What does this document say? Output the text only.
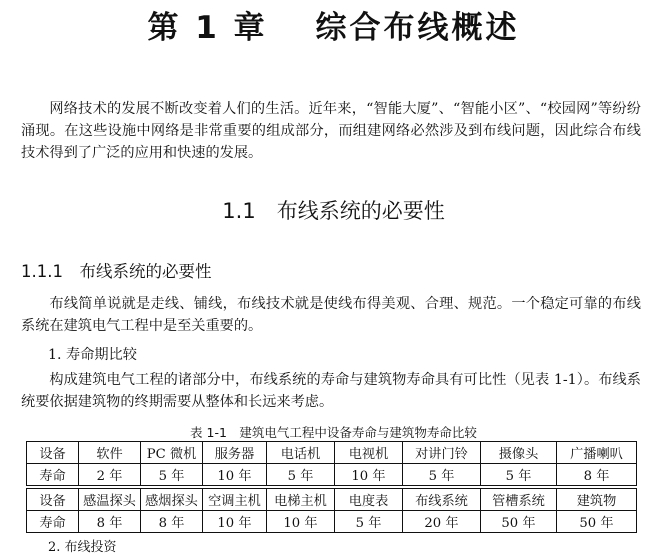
第 1 章　 综合布线概述
网络技术的发展不断改变着人们的生活。近年来，“智能大厦”、“智能小区”、“校园网”等纷纷涌现。在这些设施中网络是非常重要的组成部分，而组建网络必然涉及到布线问题，因此综合布线技术得到了广泛的应用和快速的发展。
1.1　布线系统的必要性
1.1.1　布线系统的必要性
布线简单说就是走线、铺线，布线技术就是使线布得美观、合理、规范。一个稳定可靠的布线系统在建筑电气工程中是至关重要的。
1. 寿命期比较
构成建筑电气工程的诸部分中，布线系统的寿命与建筑物寿命具有可比性（见表 1-1）。布线系统要依据建筑物的终期需要从整体和长远来考虑。
表 1-1　建筑电气工程中设备寿命与建筑物寿命比较
设备	软件	PC 微机	服务器	电话机	电视机	对讲门铃	摄像头	广播喇叭
寿命	2 年	5 年	10 年	5 年	10 年	5 年	5 年	8 年

设备	感温探头	感烟探头	空调主机	电梯主机	电度表	布线系统	管槽系统	建筑物
寿命	8 年	8 年	10 年	10 年	5 年	20 年	50 年	50 年
2. 布线投资
